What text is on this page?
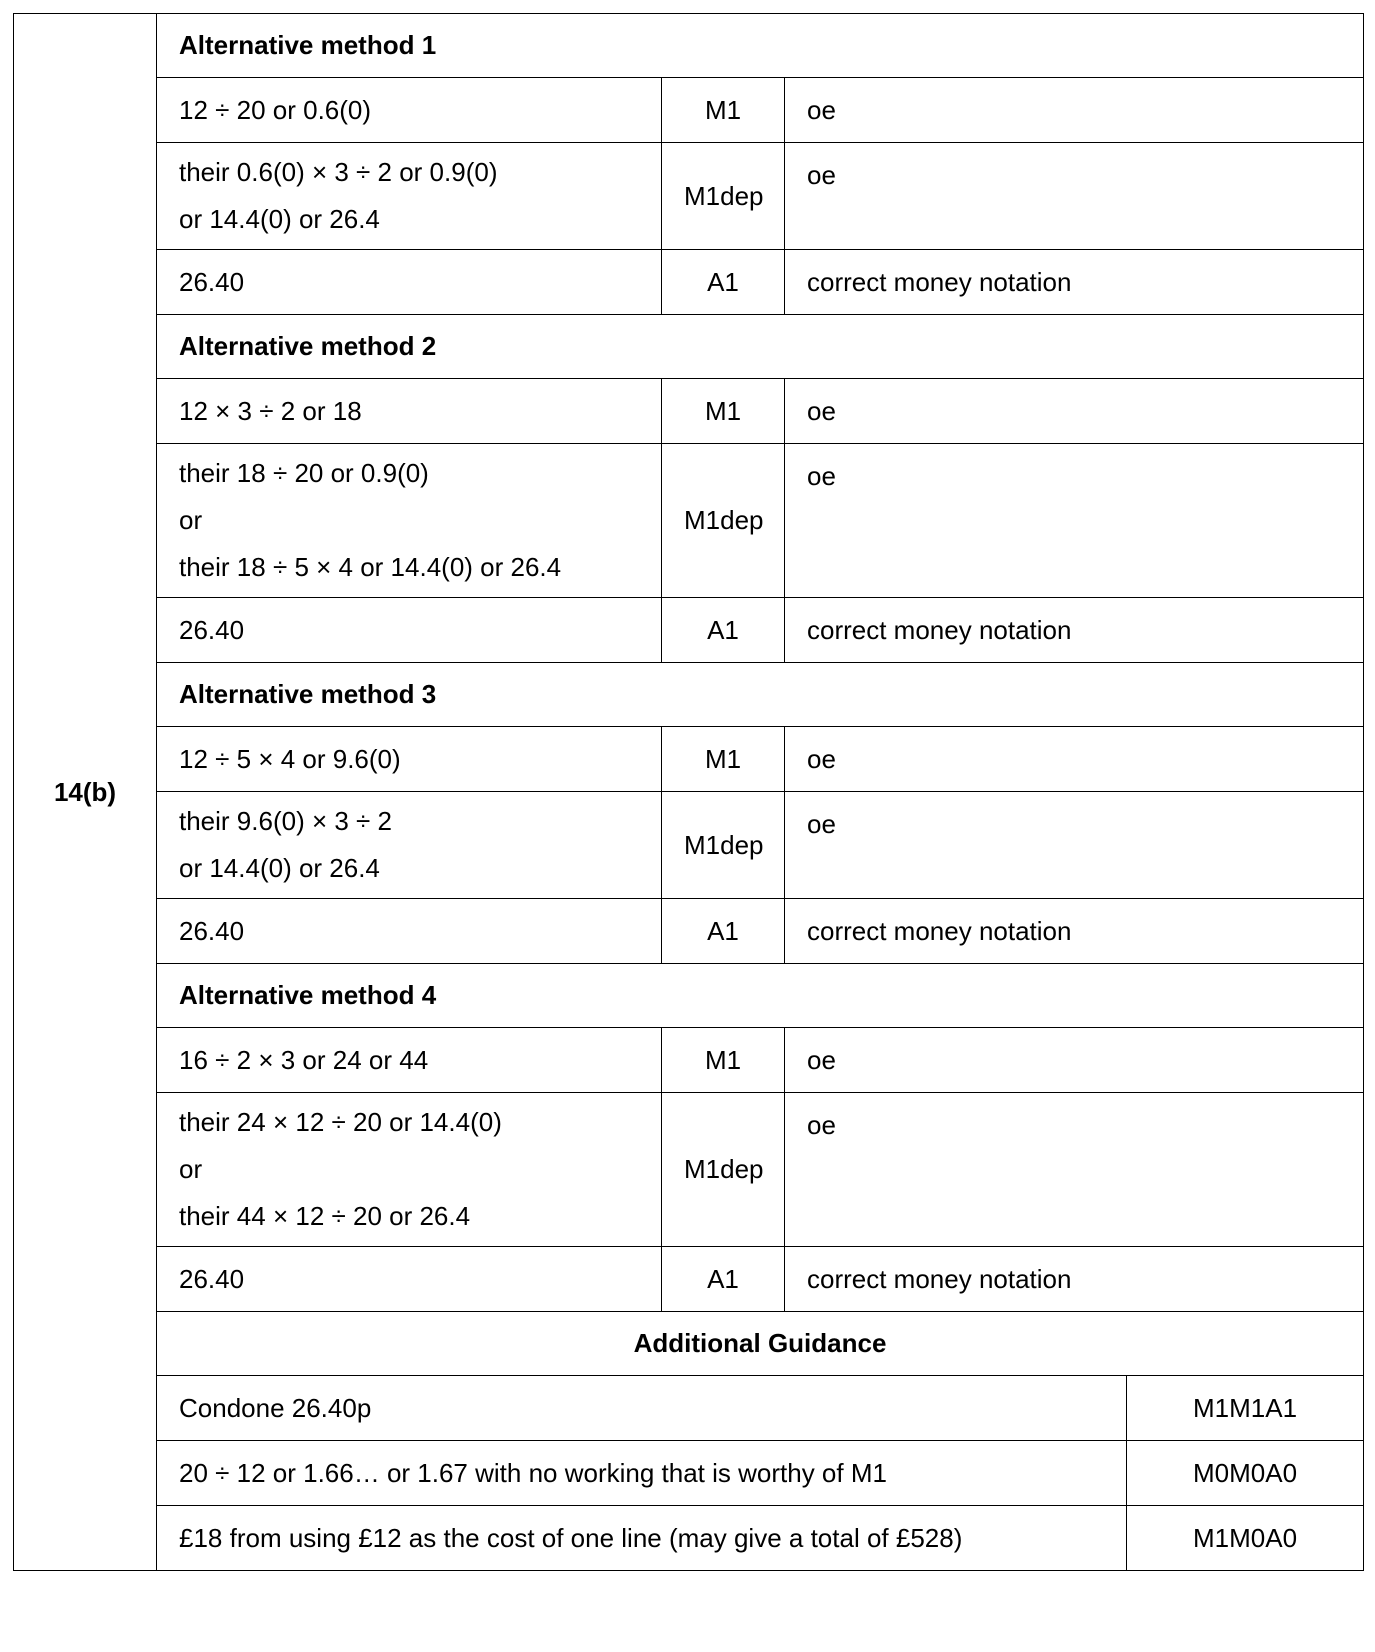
14(b)	Alternative method 1			

	12 ÷ 20 or 0.6(0)	M1	oe	

	their 0.6(0) × 3 ÷ 2 or 0.9(0)
or 14.4(0) or 26.4	M1dep	oe	

	26.40	A1	correct money notation	
	Alternative method 2			

	12 × 3 ÷ 2 or 18	M1	oe	

	their 18 ÷ 20 or 0.9(0)
or
their 18 ÷ 5 × 4 or 14.4(0) or 26.4	M1dep	oe	

	26.40	A1	correct money notation	
	Alternative method 3			

	12 ÷ 5 × 4 or 9.6(0)	M1	oe	

	their 9.6(0) × 3 ÷ 2
or 14.4(0) or 26.4	M1dep	oe	

	26.40	A1	correct money notation	
	Alternative method 4			

	16 ÷ 2 × 3 or 24 or 44	M1	oe	

	their 24 × 12 ÷ 20 or 14.4(0)
or
their 44 × 12 ÷ 20 or 26.4	M1dep	oe	

	26.40	A1	correct money notation	
	Additional Guidance			
	Condone 26.40p			M1M1A1
	20 ÷ 12 or 1.66… or 1.67 with no working that is worthy of M1			M0M0A0
	£18 from using £12 as the cost of one line (may give a total of £528)			M1M0A0
